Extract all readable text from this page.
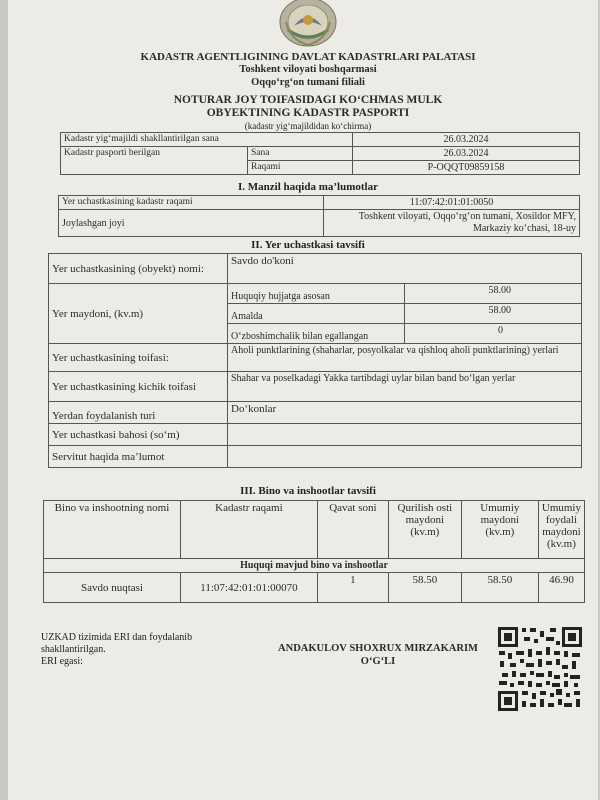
KADASTR AGENTLIGINING DAVLAT KADASTRLARI PALATASI
Toshkent viloyati boshqarmasi
Oqqo‘rg‘on tumani filiali
NOTURAR JOY TOIFASIDAGI KO‘CHMAS MULK
OBYEKTINING KADASTR PASPORTI
(kadastr yig‘majildidan ko‘chirma)
Kadastr yig‘majildi shakllantirilgan sana		26.03.2024
Kadastr pasporti berilgan	Sana	26.03.2024
	Raqami	P-OQQT09859158
I. Manzil haqida ma’lumotlar
Yer uchastkasining kadastr raqami	11:07:42:01:01:0050
Joylashgan joyi	Toshkent viloyati, Oqqo‘rg‘on tumani, Xosildor MFY, Markaziy ko‘chasi, 18-uy
II. Yer uchastkasi tavsifi
Yer uchastkasining (obyekt) nomi:	Savdo do'koni	
Yer maydoni, (kv.m)	Huquqiy hujjatga asosan	58.00
	Amalda	58.00
	O‘zboshimchalik bilan egallangan	0
Yer uchastkasining toifasi:	Aholi punktlarining (shaharlar, posyolkalar va qishloq aholi punktlarining) yerlari	
Yer uchastkasining kichik toifasi	Shahar va poselkadagi Yakka tartibdagi uylar bilan band bo‘lgan yerlar	
Yerdan foydalanish turi	Do‘konlar	
Yer uchastkasi bahosi (so‘m)		
Servitut haqida ma’lumot		
III. Bino va inshootlar tavsifi
Bino va inshootning nomi	Kadastr raqami	Qavat soni	Qurilish osti maydoni (kv.m)	Umumiy maydoni (kv.m)	Umumiy foydali maydoni (kv.m)
Huquqi mavjud bino va inshootlar					
Savdo nuqtasi	11:07:42:01:01:00070	1	58.50	58.50	46.90
UZKAD tizimida ERI dan foydalanib
shakllantirilgan.
ERI egasi:
ANDAKULOV SHOXRUX MIRZAKARIM
O‘G‘LI
